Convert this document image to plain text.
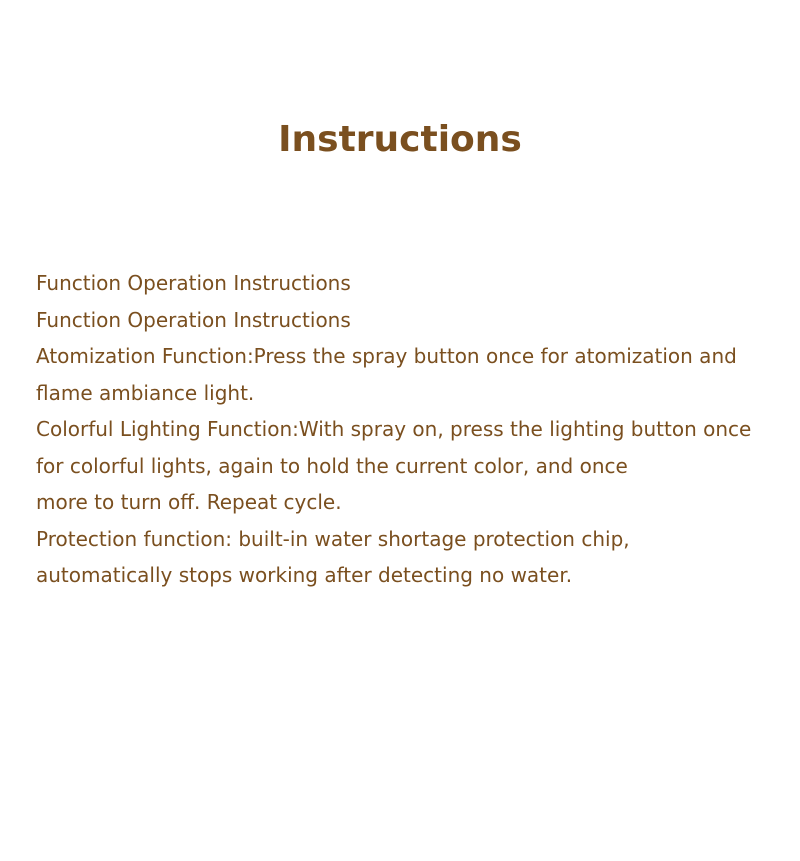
Instructions
Function Operation Instructions
Function Operation Instructions
Atomization Function:Press the spray button once for atomization and
flame ambiance light.
Colorful Lighting Function:With spray on, press the lighting button once
for colorful lights, again to hold the current color, and once
more to turn off. Repeat cycle.
Protection function: built-in water shortage protection chip,
automatically stops working after detecting no water.
